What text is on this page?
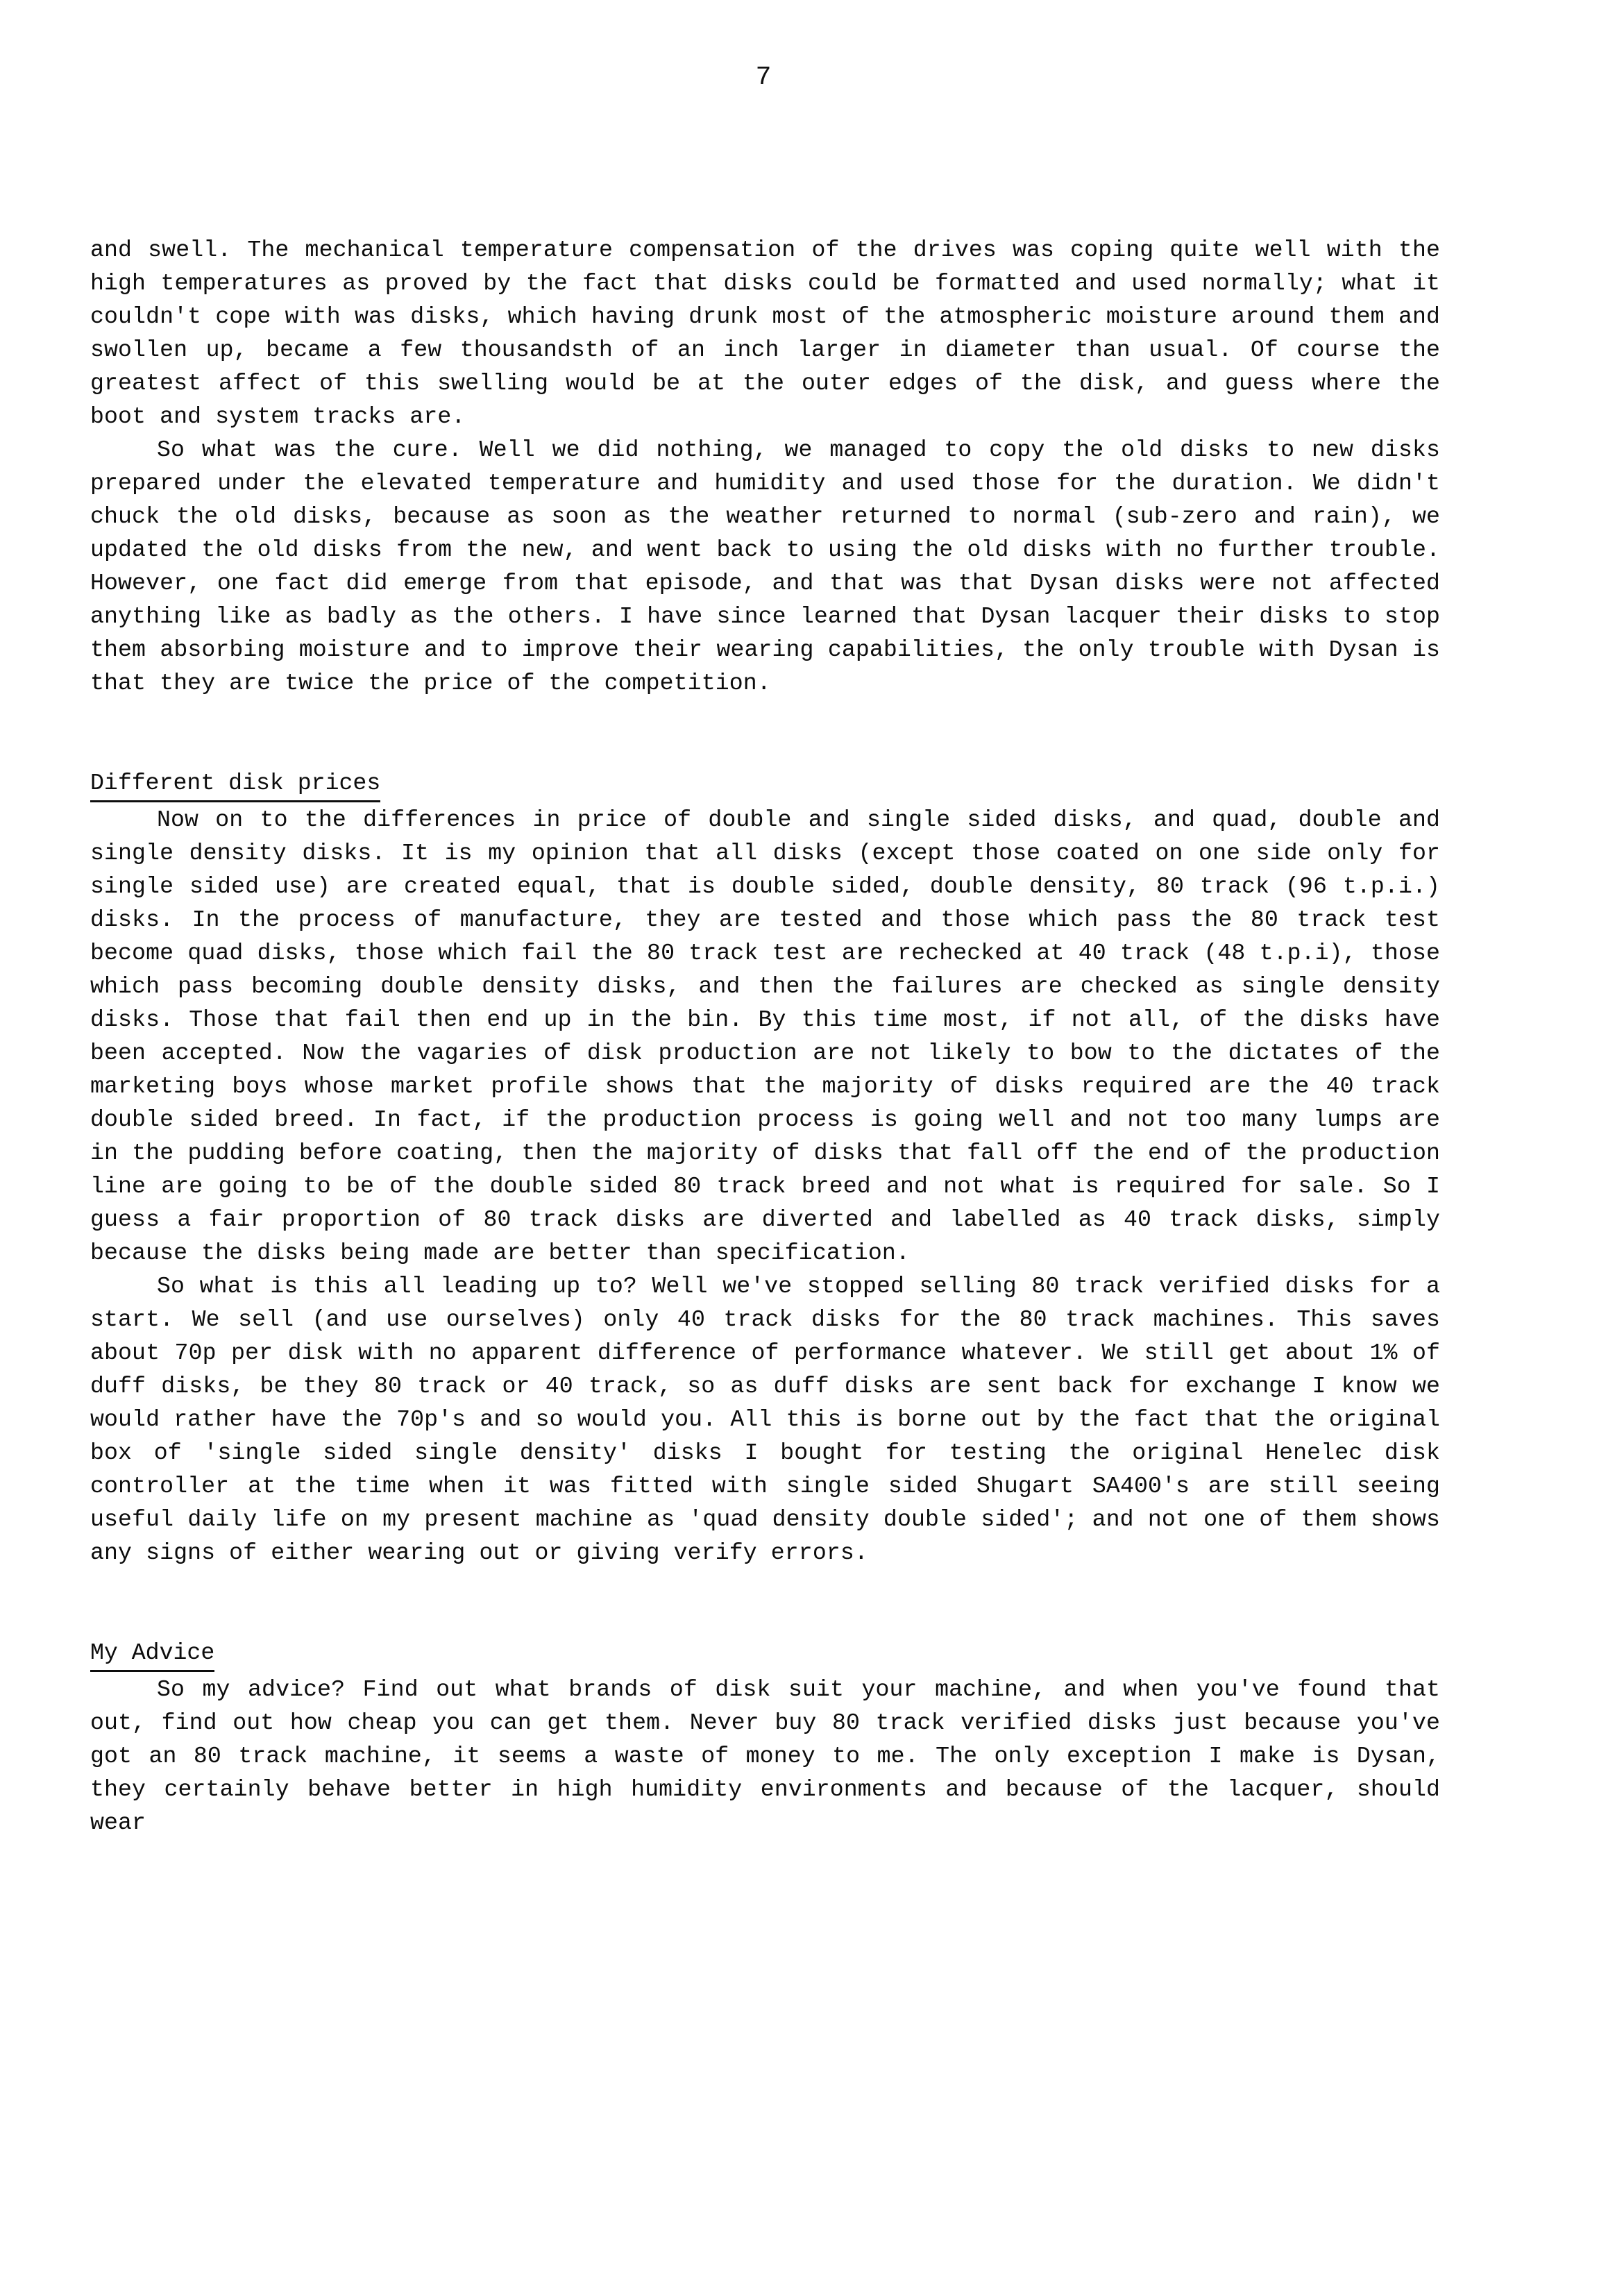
7

and swell. The mechanical temperature compensation of the drives was coping quite well with the high temperatures as proved by the fact that disks could be formatted and used normally; what it couldn't cope with was disks, which having drunk most of the atmospheric moisture around them and swollen up, became a few thousandsth of an inch larger in diameter than usual. Of course the greatest affect of this swelling would be at the outer edges of the disk, and guess where the boot and system tracks are.

So what was the cure. Well we did nothing, we managed to copy the old disks to new disks prepared under the elevated temperature and humidity and used those for the duration. We didn't chuck the old disks, because as soon as the weather returned to normal (sub-zero and rain), we updated the old disks from the new, and went back to using the old disks with no further trouble. However, one fact did emerge from that episode, and that was that Dysan disks were not affected anything like as badly as the others. I have since learned that Dysan lacquer their disks to stop them absorbing moisture and to improve their wearing capabilities, the only trouble with Dysan is that they are twice the price of the competition.

Different disk prices

Now on to the differences in price of double and single sided disks, and quad, double and single density disks. It is my opinion that all disks (except those coated on one side only for single sided use) are created equal, that is double sided, double density, 80 track (96 t.p.i.) disks. In the process of manufacture, they are tested and those which pass the 80 track test become quad disks, those which fail the 80 track test are rechecked at 40 track (48 t.p.i), those which pass becoming double density disks, and then the failures are checked as single density disks. Those that fail then end up in the bin. By this time most, if not all, of the disks have been accepted. Now the vagaries of disk production are not likely to bow to the dictates of the marketing boys whose market profile shows that the majority of disks required are the 40 track double sided breed. In fact, if the production process is going well and not too many lumps are in the pudding before coating, then the majority of disks that fall off the end of the production line are going to be of the double sided 80 track breed and not what is required for sale. So I guess a fair proportion of 80 track disks are diverted and labelled as 40 track disks, simply because the disks being made are better than specification.

So what is this all leading up to? Well we've stopped selling 80 track verified disks for a start. We sell (and use ourselves) only 40 track disks for the 80 track machines. This saves about 70p per disk with no apparent difference of performance whatever. We still get about 1% of duff disks, be they 80 track or 40 track, so as duff disks are sent back for exchange I know we would rather have the 70p's and so would you. All this is borne out by the fact that the original box of 'single sided single density' disks I bought for testing the original Henelec disk controller at the time when it was fitted with single sided Shugart SA400's are still seeing useful daily life on my present machine as 'quad density double sided'; and not one of them shows any signs of either wearing out or giving verify errors.

My Advice

So my advice? Find out what brands of disk suit your machine, and when you've found that out, find out how cheap you can get them. Never buy 80 track verified disks just because you've got an 80 track machine, it seems a waste of money to me. The only exception I make is Dysan, they certainly behave better in high humidity environments and because of the lacquer, should wear
